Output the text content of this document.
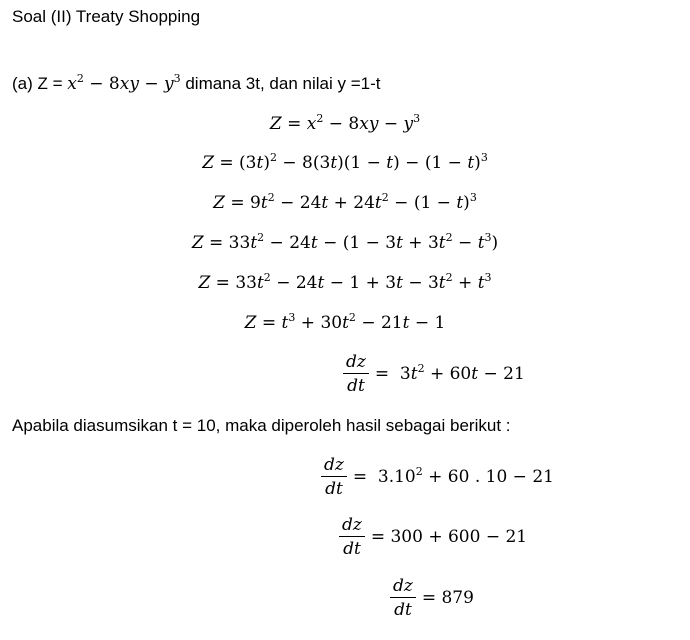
Soal (II) Treaty Shopping
(a) $Z = x^2 - 8xy - y^3$ dimana 3t, dan nilai y =1-t
$Z = x^2 - 8xy - y^3$
$Z = (3t)^2 - 8(3t)(1 - t) - (1 - t)^3$
$Z = 9t^2 - 24t + 24t^2 - (1 - t)^3$
$Z = 33t^2 - 24t - (1 - 3t + 3t^2 - t^3)$
$Z = 33t^2 - 24t - 1 + 3t - 3t^2 + t^3$
$Z = t^3 + 30t^2 - 21t - 1$
$\frac{dz}{dt} = 3t^2 + 60t - 21$
Apabila diasumsikan t = 10, maka diperoleh hasil sebagai berikut :
$\frac{dz}{dt} = 3.10^2 + 60$ . 10 − 21
$\frac{dz}{dt} = 300 + 600 - 21$
$\frac{dz}{dt} = 879$
